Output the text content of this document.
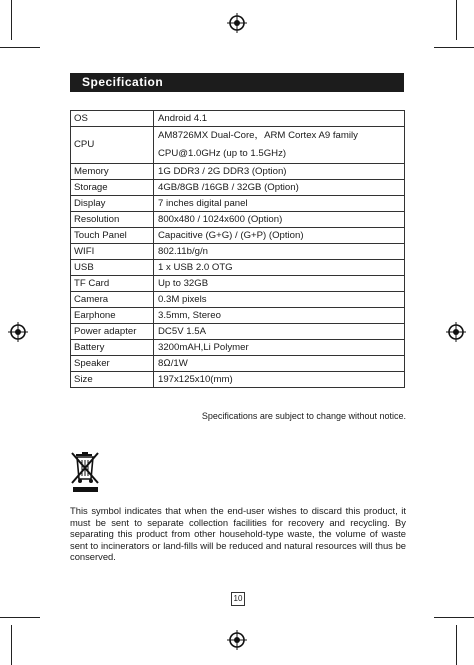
Specification
OS	Android 4.1
CPU	AM8726MX Dual-Core，ARM Cortex A9 family
CPU@1.0GHz (up to 1.5GHz)

Memory	1G DDR3 / 2G DDR3 (Option)
Storage	4GB/8GB /16GB / 32GB (Option)
Display	7 inches digital panel
Resolution	800x480 / 1024x600 (Option)
Touch Panel	Capacitive (G+G) / (G+P) (Option)
WIFI	802.11b/g/n
USB	1 x USB 2.0 OTG
TF Card	Up to 32GB
Camera	0.3M pixels
Earphone	3.5mm, Stereo
Power adapter	DC5V 1.5A
Battery	3200mAH,Li Polymer
Speaker	8Ω/1W
Size	197x125x10(mm)
Specifications are subject to change without notice.
This symbol indicates that when the end-user wishes to discard this product, it must be sent to separate collection facilities for recovery and recycling. By separating this product from other household-type waste, the volume of waste sent to incinerators or land-fills will be reduced and natural resources will thus be conserved.
10
